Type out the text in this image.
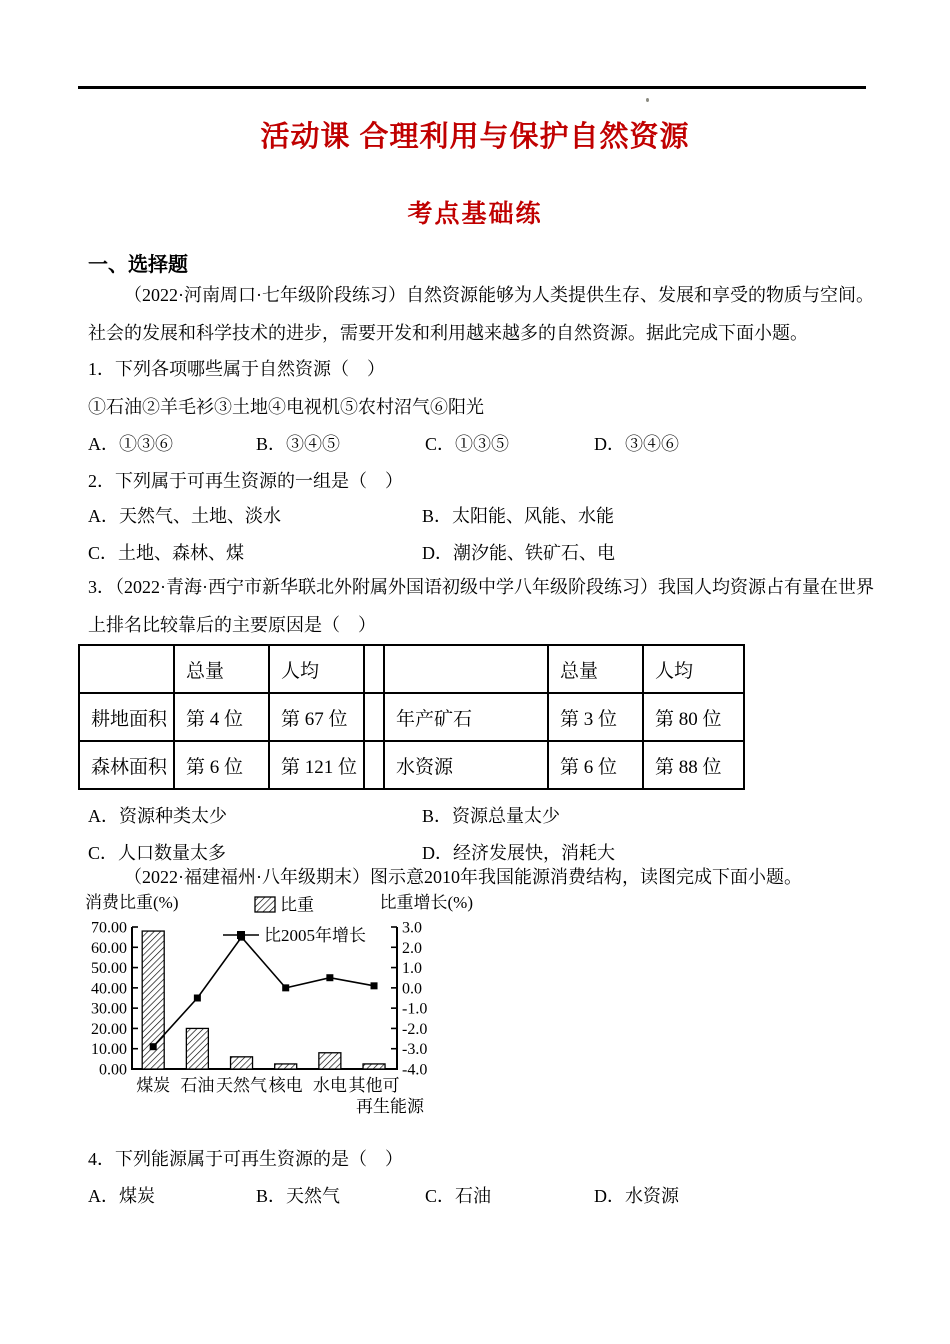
活动课 合理利用与保护自然资源
考点基础练
一、选择题

（2022·河南周口·七年级阶段练习）自然资源能够为人类提供生存、发展和享受的物质与空间。社会的发展和科学技术的进步，需要开发和利用越来越多的自然资源。据此完成下面小题。

1．下列各项哪些属于自然资源（　）
①石油②羊毛衫③土地④电视机⑤农村沼气⑥阳光
A．①③⑥	B．③④⑤	C．①③⑤	D．③④⑥
2．下列属于可再生资源的一组是（　）
A．天然气、土地、淡水	B．太阳能、风能、水能
C．土地、森林、煤	D．潮汐能、铁矿石、电

3．（2022·青海·西宁市新华联北外附属外国语初级中学八年级阶段练习）我国人均资源占有量在世界上排名比较靠后的主要原因是（　）

	总量	人均			总量	人均
耕地面积	第 4 位	第 67 位		年产矿石	第 3 位	第 80 位
森林面积	第 6 位	第 121 位		水资源	第 6 位	第 88 位
A．资源种类太少	B．资源总量太少
C．人口数量太多	D．经济发展快，消耗大

（2022·福建福州·八年级期末）图示意2010年我国能源消费结构，读图完成下面小题。

0.00
10.00
20.00
30.00
40.00
50.00
60.00
70.00
-4.0
-3.0
-2.0
-1.0
0.0
1.0
2.0
3.0
煤炭 石油 天然气 核电 水电 其他可
再生能源
消费比重(%)	比重增长(%)
比重
比2005年增长
4．下列能源属于可再生资源的是（　）
A．煤炭	B．天然气	C．石油	D．水资源
